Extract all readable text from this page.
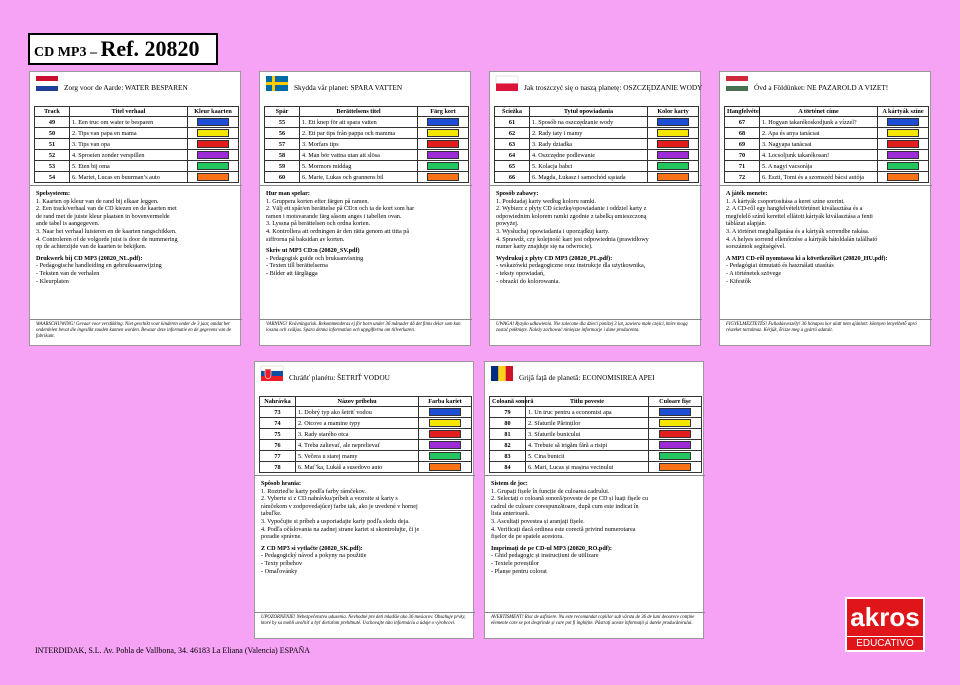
CD MP3 – Ref. 20820
Zorg voor de Aarde: WATER BESPAREN
Track	Titel verhaal	Kleur kaarten
49	1. Een truc om water te besparen	

50	2. Tips van papa en mama	

51	3. Tips van opa	

52	4. Sproeien zonder verspillen	

53	5. Eten bij oma	

54	6. Mariet, Lucas en buurman’s auto	
Spelsysteem:
1. Kaarten op kleur van de rand bij elkaar leggen.
2. Een track/verhaal van de CD kiezen en de kaarten met
de rand met de juiste kleur plaatsen in bovenvermelde
ande tabel is aangegeven.
3. Naar het verhaal luisteren en de kaarten rangschikken.
4. Controleren of de volgorde juist is door de nummering
op de achterzijde van de kaarten te bekijken.
Drukwerk bij CD MP3 (20820_NL.pdf):
- Pedagogische handleiding en gebruiksaanwijzing
- Teksten van de verhalen
- Kleurplaten
WAARSCHUWING! Gevaar voor verstikking. Niet geschikt voor kinderen onder de 3 jaar, omdat het onderdelen bevat die ingeslikt zouden kunnen worden. Bewaar deze informatie en de gegevens van de fabrikant.
Skydda vår planet: SPARA VATTEN
Spår	Berättelsens titel	Färg kort
55	1. Ett knep för att spara vatten	

56	2. Ett par tips från pappa och mamma	

57	3. Morfars tips	

58	4. Man bör vattna utan att slösa	

59	5. Mormors middag	

60	6. Marie, Lukas och grannens bil	
Hur man spelar:
1. Gruppera korten efter färgen på ramen.
2. Välj ett spår/en berättelse på CD:n och ta de kort som har
ramen i motsvarande färg såsom anges i tabellen ovan.
3. Lyssna på berättelsen och ordna korten.
4. Kontrollera att ordningen är den rätta genom att titta på
siffrorna på baksidan av korten.
Skriv ut MP3 CD:n (20820_SV.pdf)
- Pedagogisk guide och bruksanvisning
- Texten till berättelserna
- Bilder att färglägga
VARNING! Kvävningsrisk. Rekommenderas ej för barn under 36 månader då det finns delar som kan lossna och sväljas. Spara denna information och uppgifterna om tillverkaren.
Jak troszczyć się o naszą planetę: OSZCZĘDZANIE WODY
Ścieżka	Tytuł opowiadania	Kolor karty
61	1. Sposób na oszczędzanie wody	

62	2. Rady taty i mamy	

63	3. Rady dziadka	

64	4. Oszczędne podlewanie	

65	5. Kolacja babci	

66	6. Magda, Łukasz i samochód sąsiada	
Sposób zabawy:
1. Pouktadaj karty według koloru ramki.
2. Wybierz z płyty CD ścieżkę/opowiadanie i oddziel karty z
odpowiednim kolorem ramki zgodnie z tabelką umieszczoną
powyżej.
3. Wysłuchaj opowiadania i uporządkuj karty.
4. Sprawdź, czy kolejność kart jest odpowiednia (prawidłowy
numer karty znajduje się na odwrocie).
Wydrukuj z płyty CD MP3 (20820_PL.pdf):
- wskazówki pedagogiczne oraz instrukcje dla użytkownika,
- teksty opowiadań,
- obrazki do kolorowania.
UWAGA! Ryzyko udławienia. Nie zalecane dla dzieci poniżej 3 lat, zawiera małe części, które mogą zostać połknięte. Należy zachować niniejsze informacje i dane producenta.
Óvd a Földünket: NE PAZAROLD A VIZET!
Hangfelvétel	A történet címe	A kártyák színe
67	1. Hogyan takarékoskodjunk a vízzel?	

68	2. Apa és anya tanácsai	

69	3. Nagyapa tanácsai	

70	4. Locsoljunk takarékosan!	

71	5. A nagyi vacsorája	

72	6. Eszti, Tomi és a szomszéd bácsi autója	
A játék menete:
1. A kártyák csoportosítása a keret színe szerint.
2. A CD-ről egy hangfelvételt/történet kiválasztása és a
megfelelő színű kerettel ellátott kártyák kiválasztása a fenti
táblázat alapján.
3. A történet meghallgatása és a kártyák sorrendbe rakása.
4. A helyes sorrend ellenőrzése a kártyák hátoldalán található
sorszámok segítségével.
A MP3 CD-ről nyomtassa ki a következőket (20820_HU.pdf):
- Pedagógiai útmutató és használati utasítás
- A történetek szövege
- Kifestők
FIGYELMEZTETÉS! Fulladásveszély! 36 hónapos kor alatt nem ajánlott: könnyen lenyelhető apró részeket tartalmaz. Kérjük, őrizze meg a gyártó adatait.
Chráňť planétu: ŠETRIŤ VODOU
Nahrávka	Názov príbehu	Farba kariet
73	1. Dobrý typ ako šetriť vodou	

74	2. Otcove a mamine typy	

75	3. Rady starého otca	

76	4. Treba zalievať, ale neprelievať	

77	5. Večera u starej mamy	

78	6. Mať’ka, Lukáš a susedovo auto	
Spôsob hrania:
1. Roztrieďte karty podľa farby rámčekov.
2. Vyberte si z CD nahrávku/príbeh a vezmite si karty s
rámčekom v zodpovedajúcej farbe tak, ako je uvedené v hornej
tabuľke.
3. Vypočujte si príbeh a usporiadajte karty podľa sledu deja.
4. Podľa očíslovania na zadnej strane kariet si skontrolujte, či je
poradie správne.
Z CD MP3 si vytlačte (20820_SK.pdf):
- Pedagogický návod a pokyny na použitie
- Texty príbehov
- Omaľovánky
UPOZORNENIE! Nebezpečenstvo udusenia. Nevhodné pre deti mladšie ako 36 mesiacov. Obsahuje prvky, ktoré by sa mohli uvoľniť a byť dieťaťom prehltnuté. Uschovajte túto informáciu a údaje o výrobcovi.
Grijă față de planetă: ECONOMISIREA APEI
Coloană sonoră	Titlu poveste	Culoare fișe
79	1. Un truc pentru a economisi apa	

80	2. Sfaturile Părinților	

81	3. Sfaturile bunicului	

82	4. Trebuie să irigăm fără a risipi	

83	5. Cina bunicii	

84	6. Mari, Lucas și mașina vecinului	
Sistem de joc:
1. Grupați fișele în funcție de culoarea cadrului.
2. Selectați o coloană sonoră/poveste de pe CD și luați fișele cu
cadrul de culoare corespunzătoare, după cum este indicat în
lista anterioară.
3. Ascultați povestea și aranjați fișele.
4. Verificați dacă ordinea este corectă privind numerotarea
fișelor de pe spatele acestora.
Imprimați de pe CD-ul MP3 (20820_RO.pdf):
- Ghid pedagogic și instrucțiuni de utilizare
- Textele poveștilor
- Planșe pentru colorat
AVERTISMENT! Risc de asfixiere. Nu este recomandat copiilor sub vârsta de 36 de luni deoarece conține elemente care se pot desprinde și care pot fi înghițite. Păstrați aceste informații și datele producătorului.	akros
EDUCATIVO
INTERDIDAK, S.L. Av. Pobla de Vallbona, 34. 46183 La Eliana (Valencia) ESPAÑA
